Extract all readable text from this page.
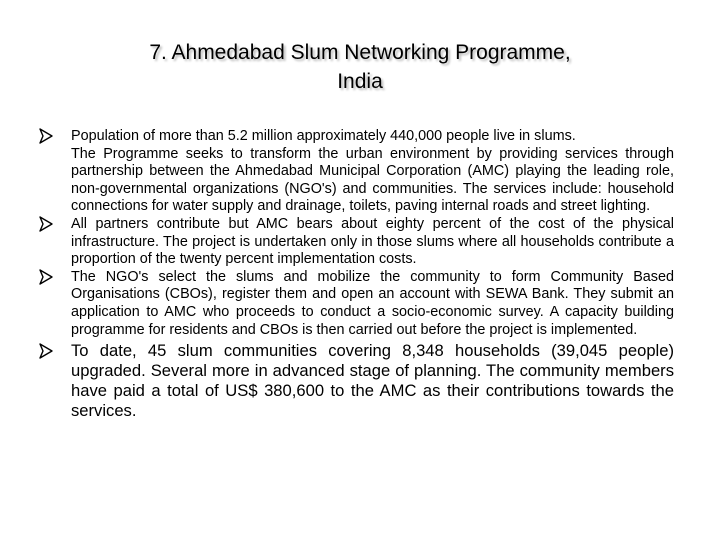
7. Ahmedabad Slum Networking Programme,
India
Population of more than 5.2 million approximately 440,000 people live in slums.
The Programme seeks to transform the urban environment by providing services through partnership between the Ahmedabad Municipal Corporation (AMC) playing the leading role, non-governmental organizations (NGO's) and communities. The services include: household connections for water supply and drainage, toilets, paving internal roads and street lighting.
All partners contribute but AMC bears about eighty percent of the cost of the physical infrastructure. The project is undertaken only in those slums where all households contribute a proportion of the twenty percent implementation costs.
The NGO's select the slums and mobilize the community to form Community Based Organisations (CBOs), register them and open an account with SEWA Bank. They submit an application to AMC who proceeds to conduct a socio-economic survey. A capacity building programme for residents and CBOs is then carried out before the project is implemented.
To date, 45 slum communities covering 8,348 households (39,045 people) upgraded. Several more in advanced stage of planning. The community members have paid a total of US$ 380,600 to the AMC as their contributions towards the services.
